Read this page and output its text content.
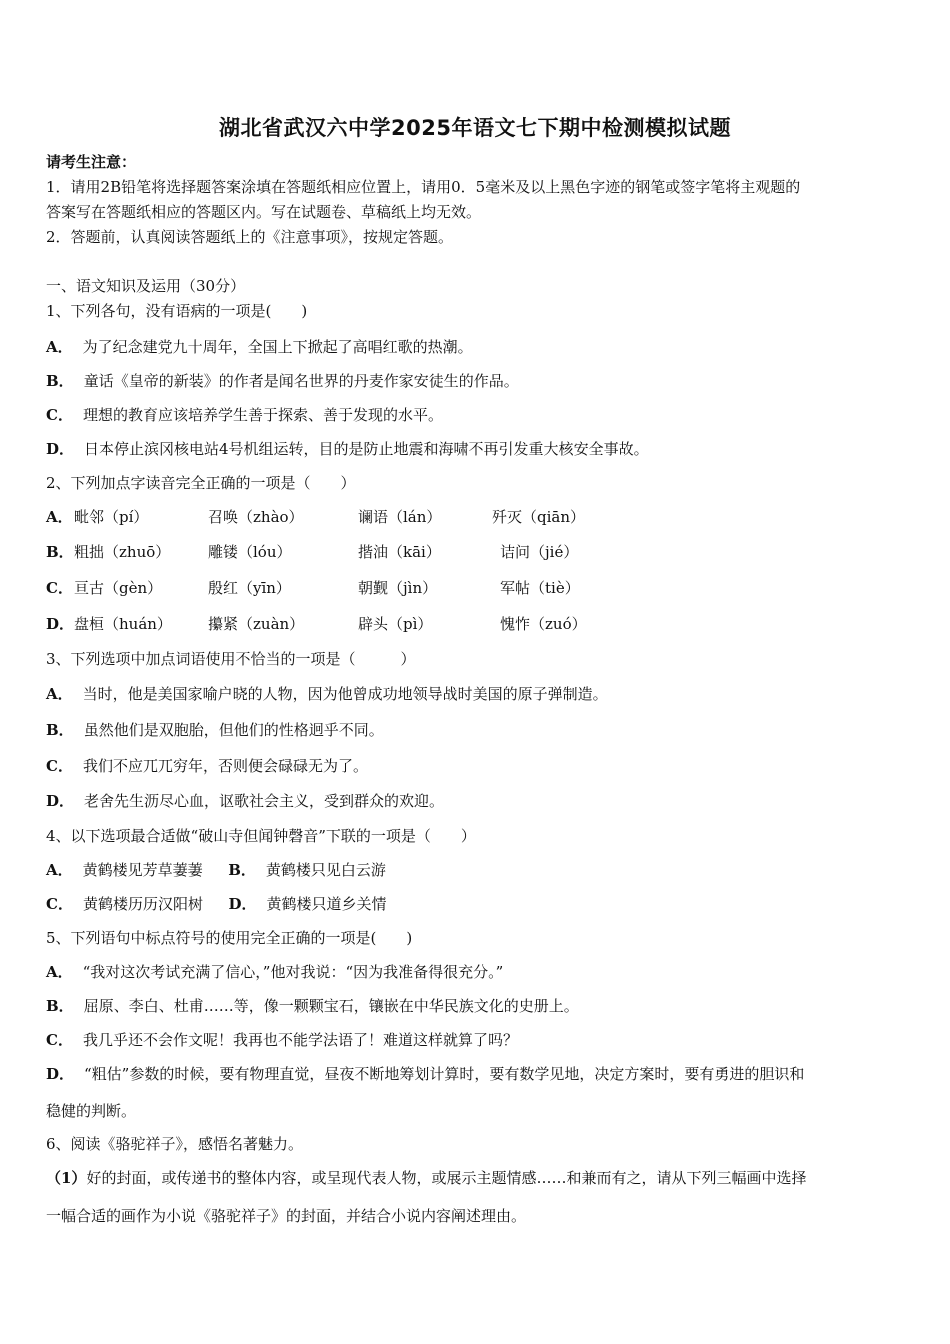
湖北省武汉六中学2025年语文七下期中检测模拟试题
请考生注意：
1．请用2B铅笔将选择题答案涂填在答题纸相应位置上，请用0．5毫米及以上黑色字迹的钢笔或签字笔将主观题的
答案写在答题纸相应的答题区内。写在试题卷、草稿纸上均无效。
2．答题前，认真阅读答题纸上的《注意事项》，按规定答题。
一、语文知识及运用（30分）
1、下列各句，没有语病的一项是(　　)
A． 为了纪念建党九十周年，全国上下掀起了高唱红歌的热潮。
B． 童话《皇帝的新装》的作者是闻名世界的丹麦作家安徒生的作品。
C． 理想的教育应该培养学生善于探索、善于发现的水平。
D． 日本停止滨冈核电站4号机组运转，目的是防止地震和海啸不再引发重大核安全事故。
2、下列加点字读音完全正确的一项是（　　）
A． 毗邻（pí）	召唤（zhào）	谰语（lán）	歼灭（qiān）
B． 粗拙（zhuō）	雕镂（lóu）	揩油（kāi）	诘问（jié）
C． 亘古（gèn）	殷红（yīn）	朝觐（jìn）	军帖（tiè）
D． 盘桓（huán） 攥紧（zuàn）	辟头（pì）	愧怍（zuó）
3、下列选项中加点词语使用不恰当的一项是（　　　）
A． 当时，他是美国家喻户晓的人物，因为他曾成功地领导战时美国的原子弹制造。
B． 虽然他们是双胞胎，但他们的性格迥乎不同。
C． 我们不应兀兀穷年，否则便会碌碌无为了。
D． 老舍先生沥尽心血，讴歌社会主义，受到群众的欢迎。
4、以下选项最合适做“破山寺但闻钟磬音”下联的一项是（　　）
A． 黄鹤楼见芳草萋萋 B． 黄鹤楼只见白云游
C． 黄鹤楼历历汉阳树 D． 黄鹤楼只道乡关情
5、下列语句中标点符号的使用完全正确的一项是(　　)
A． “我对这次考试充满了信心，”他对我说：“因为我准备得很充分。”
B． 屈原、李白、杜甫……等，像一颗颗宝石，镶嵌在中华民族文化的史册上。
C． 我几乎还不会作文呢！我再也不能学法语了！难道这样就算了吗？
D． “粗估”参数的时候，要有物理直觉，昼夜不断地筹划计算时，要有数学见地，决定方案时，要有勇进的胆识和
稳健的判断。
6、阅读《骆驼祥子》，感悟名著魅力。
（1）好的封面，或传递书的整体内容，或呈现代表人物，或展示主题情感……和兼而有之，请从下列三幅画中选择
一幅合适的画作为小说《骆驼祥子》的封面，并结合小说内容阐述理由。
